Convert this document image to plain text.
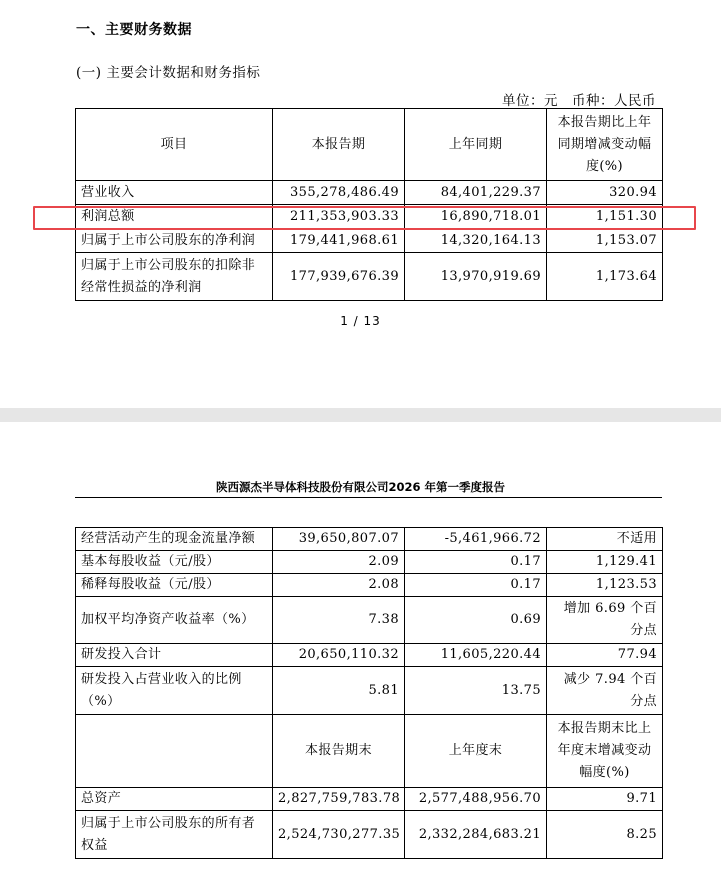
一、主要财务数据
(一) 主要会计数据和财务指标
单位：元 币种：人民币
项目	本报告期	上年同期	本报告期比上年同期增减变动幅度(%)
营业收入	355,278,486.49	84,401,229.37	320.94
利润总额	211,353,903.33	16,890,718.01	1,151.30
归属于上市公司股东的净利润	179,441,968.61	14,320,164.13	1,153.07
归属于上市公司股东的扣除非经常性损益的净利润	177,939,676.39	13,970,919.69	1,173.64
1 / 13
陕西源杰半导体科技股份有限公司2026 年第一季度报告
经营活动产生的现金流量净额	39,650,807.07	-5,461,966.72	不适用
基本每股收益（元/股）	2.09	0.17	1,129.41
稀释每股收益（元/股）	2.08	0.17	1,123.53
加权平均净资产收益率（%）	7.38	0.69	增加 6.69 个百分点
研发投入合计	20,650,110.32	11,605,220.44	77.94
研发投入占营业收入的比例（%）	5.81	13.75	减少 7.94 个百分点
	本报告期末	上年度末	本报告期末比上年度末增减变动幅度(%)
总资产	2,827,759,783.78	2,577,488,956.70	9.71
归属于上市公司股东的所有者权益	2,524,730,277.35	2,332,284,683.21	8.25
